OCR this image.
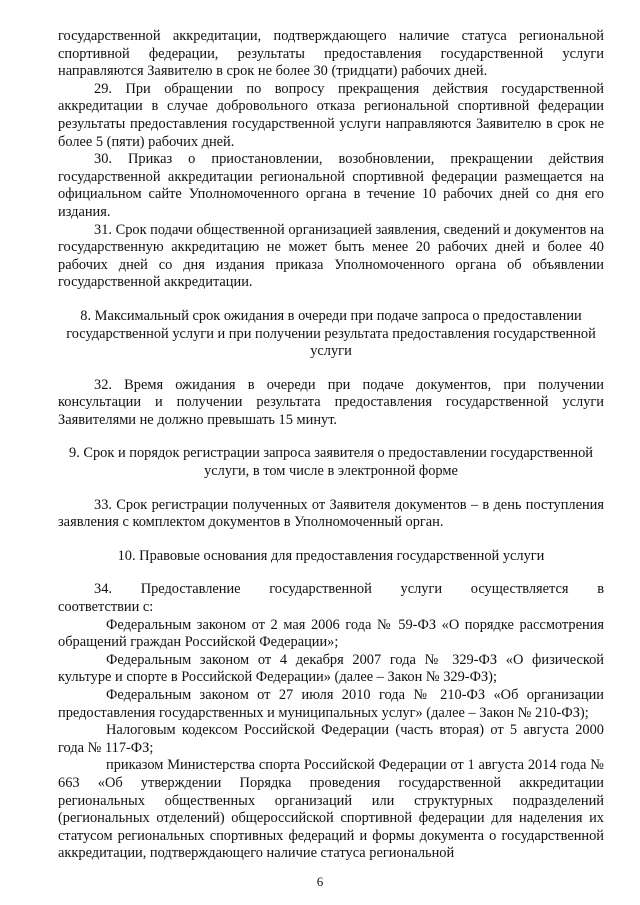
государственной аккредитации, подтверждающего наличие статуса региональной спортивной федерации, результаты предоставления государственной услуги направляются Заявителю в срок не более 30 (тридцати) рабочих дней.

29. При обращении по вопросу прекращения действия государственной аккредитации в случае добровольного отказа региональной спортивной федерации результаты предоставления государственной услуги направляются Заявителю в срок не более 5 (пяти) рабочих дней.

30. Приказ о приостановлении, возобновлении, прекращении действия государственной аккредитации региональной спортивной федерации размещается на официальном сайте Уполномоченного органа в течение 10 рабочих дней со дня его издания.

31. Срок подачи общественной организацией заявления, сведений и документов на государственную аккредитацию не может быть менее 20 рабочих дней и более 40 рабочих дней со дня издания приказа Уполномоченного органа об объявлении государственной аккредитации.

8. Максимальный срок ожидания в очереди при подаче запроса о предоставлении государственной услуги и при получении результата предоставления государственной услуги

32. Время ожидания в очереди при подаче документов, при получении консультации и получении результата предоставления государственной услуги Заявителями не должно превышать 15 минут.

9. Срок и порядок регистрации запроса заявителя о предоставлении государственной услуги, в том числе в электронной форме

33. Срок регистрации полученных от Заявителя документов – в день поступления заявления с комплектом документов в Уполномоченный орган.

10. Правовые основания для предоставления государственной услуги

34. Предоставление государственной услуги осуществляется в

соответствии с:

Федеральным законом от 2 мая 2006 года № 59-ФЗ «О порядке рассмотрения обращений граждан Российской Федерации»;

Федеральным законом от 4 декабря 2007 года № 329-ФЗ «О физической культуре и спорте в Российской Федерации» (далее – Закон № 329-ФЗ);

Федеральным законом от 27 июля 2010 года № 210-ФЗ «Об организации предоставления государственных и муниципальных услуг» (далее – Закон № 210-ФЗ);

Налоговым кодексом Российской Федерации (часть вторая) от 5 августа 2000 года № 117-ФЗ;

приказом Министерства спорта Российской Федерации от 1 августа 2014 года № 663 «Об утверждении Порядка проведения государственной аккредитации региональных общественных организаций или структурных подразделений (региональных отделений) общероссийской спортивной федерации для наделения их статусом региональных спортивных федераций и формы документа о государственной аккредитации, подтверждающего наличие статуса региональной

6
